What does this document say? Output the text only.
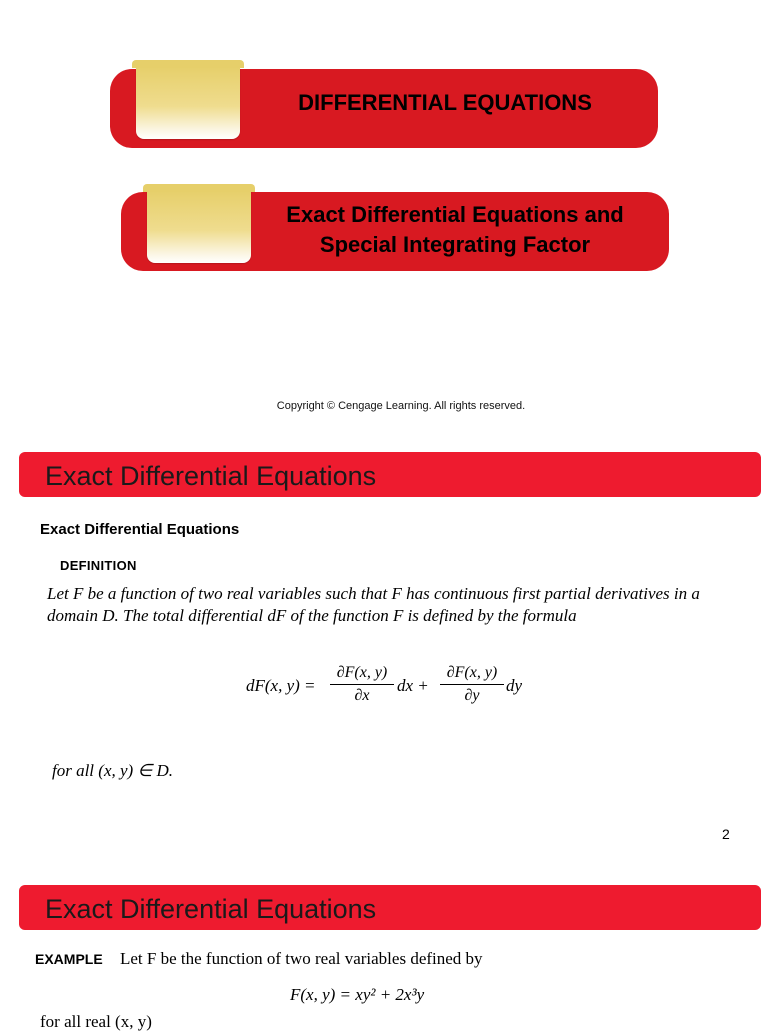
DIFFERENTIAL EQUATIONS
Exact Differential Equations and
Special Integrating Factor
Copyright © Cengage Learning. All rights reserved.
Exact Differential Equations
Exact Differential Equations
DEFINITION
Let F be a function of two real variables such that F has continuous first partial derivatives in a domain D. The total differential dF of the function F is defined by the formula
dF(x, $y) = \frac{\partial F(x, y)}{\partial x}$ dx + $\frac{\partial F(x, y)}{\partial y}$ dy
for all (x, y) ∈ D.
2
Exact Differential Equations
EXAMPLE Let F be the function of two real variables defined by
F(x, y) = xy² + 2x³y
for all real (x, y)
